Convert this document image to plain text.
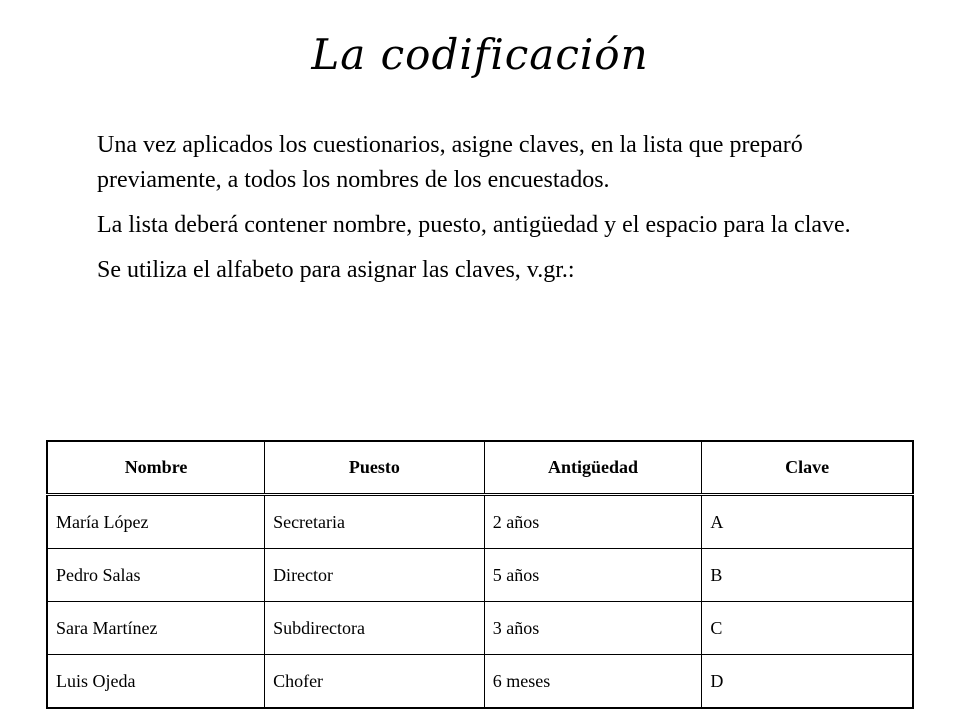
La codificación

Una vez aplicados los cuestionarios, asigne claves, en la lista que preparó previamente, a todos los nombres de los encuestados.

La lista deberá contener nombre, puesto, antigüedad y el espacio para la clave.

Se utiliza el alfabeto para asignar las claves, v.gr.:

Nombre	Puesto	Antigüedad	Clave
María López	Secretaria	2 años	A
Pedro Salas	Director	5 años	B
Sara Martínez	Subdirectora	3 años	C
Luis Ojeda	Chofer	6 meses	D
